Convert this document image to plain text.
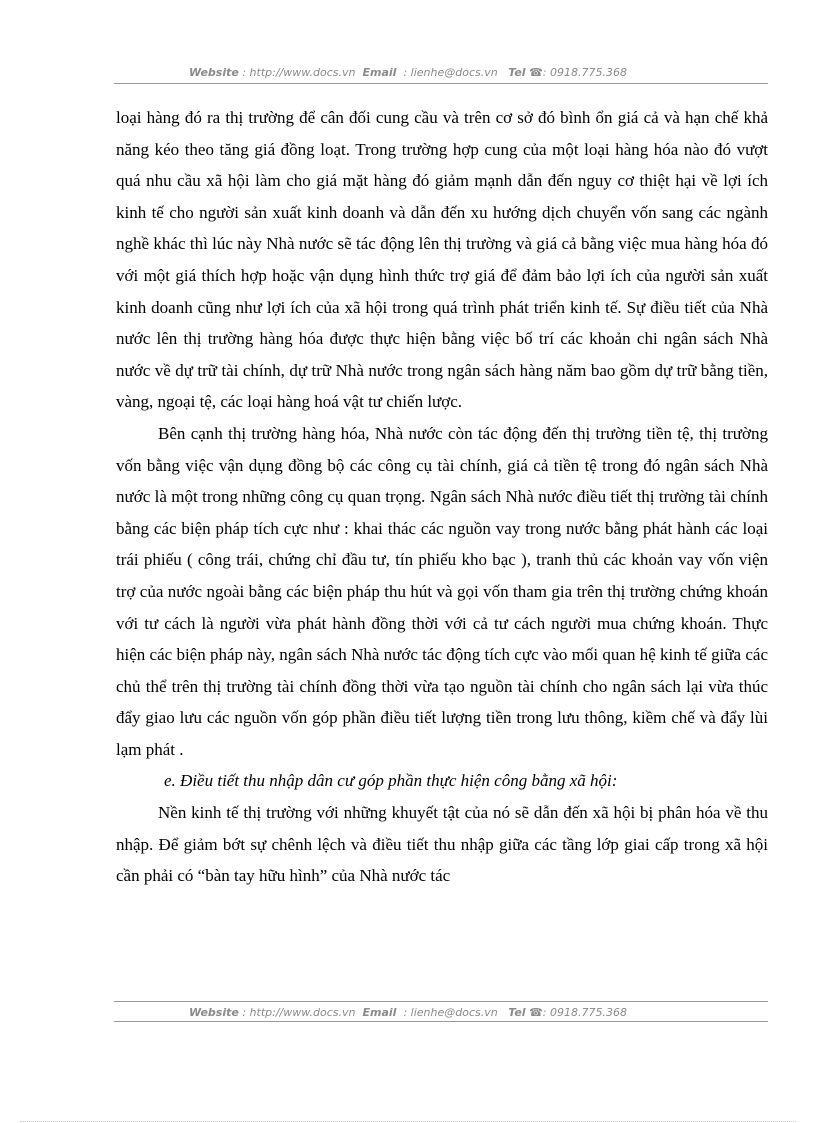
Website : http://www.docs.vn Email : lienhe@docs.vn Tel ☎: 0918.775.368

loại hàng đó ra thị trường để cân đối cung cầu và trên cơ sở đó bình ổn giá cả và hạn chế khả năng kéo theo tăng giá đồng loạt. Trong trường hợp cung của một loại hàng hóa nào đó vượt quá nhu cầu xã hội làm cho giá mặt hàng đó giảm mạnh dẫn đến nguy cơ thiệt hại về lợi ích kinh tế cho người sản xuất kinh doanh và dẫn đến xu hướng dịch chuyển vốn sang các ngành nghề khác thì lúc này Nhà nước sẽ tác động lên thị trường và giá cả bằng việc mua hàng hóa đó với một giá thích hợp hoặc vận dụng hình thức trợ giá để đảm bảo lợi ích của người sản xuất kinh doanh cũng như lợi ích của xã hội trong quá trình phát triển kinh tế. Sự điều tiết của Nhà nước lên thị trường hàng hóa được thực hiện bằng việc bố trí các khoản chi ngân sách Nhà nước về dự trữ tài chính, dự trữ Nhà nước trong ngân sách hàng năm bao gồm dự trữ bằng tiền, vàng, ngoại tệ, các loại hàng hoá vật tư chiến lược.

Bên cạnh thị trường hàng hóa, Nhà nước còn tác động đến thị trường tiền tệ, thị trường vốn bằng việc vận dụng đồng bộ các công cụ tài chính, giá cả tiền tệ trong đó ngân sách Nhà nước là một trong những công cụ quan trọng. Ngân sách Nhà nước điều tiết thị trường tài chính bằng các biện pháp tích cực như : khai thác các nguồn vay trong nước bằng phát hành các loại trái phiếu ( công trái, chứng chỉ đầu tư, tín phiếu kho bạc ), tranh thủ các khoản vay vốn viện trợ của nước ngoài bằng các biện pháp thu hút và gọi vốn tham gia trên thị trường chứng khoán với tư cách là người vừa phát hành đồng thời với cả tư cách người mua chứng khoán. Thực hiện các biện pháp này, ngân sách Nhà nước tác động tích cực vào mối quan hệ kinh tế giữa các chủ thể trên thị trường tài chính đồng thời vừa tạo nguồn tài chính cho ngân sách lại vừa thúc đẩy giao lưu các nguồn vốn góp phần điều tiết lượng tiền trong lưu thông, kiềm chế và đẩy lùi lạm phát .

e. Điều tiết thu nhập dân cư góp phần thực hiện công bằng xã hội:

Nền kinh tế thị trường với những khuyết tật của nó sẽ dẫn đến xã hội bị phân hóa về thu nhập. Để giảm bớt sự chênh lệch và điều tiết thu nhập giữa các tầng lớp giai cấp trong xã hội cần phải có “bàn tay hữu hình” của Nhà nước tác

Website : http://www.docs.vn Email : lienhe@docs.vn Tel ☎: 0918.775.368
